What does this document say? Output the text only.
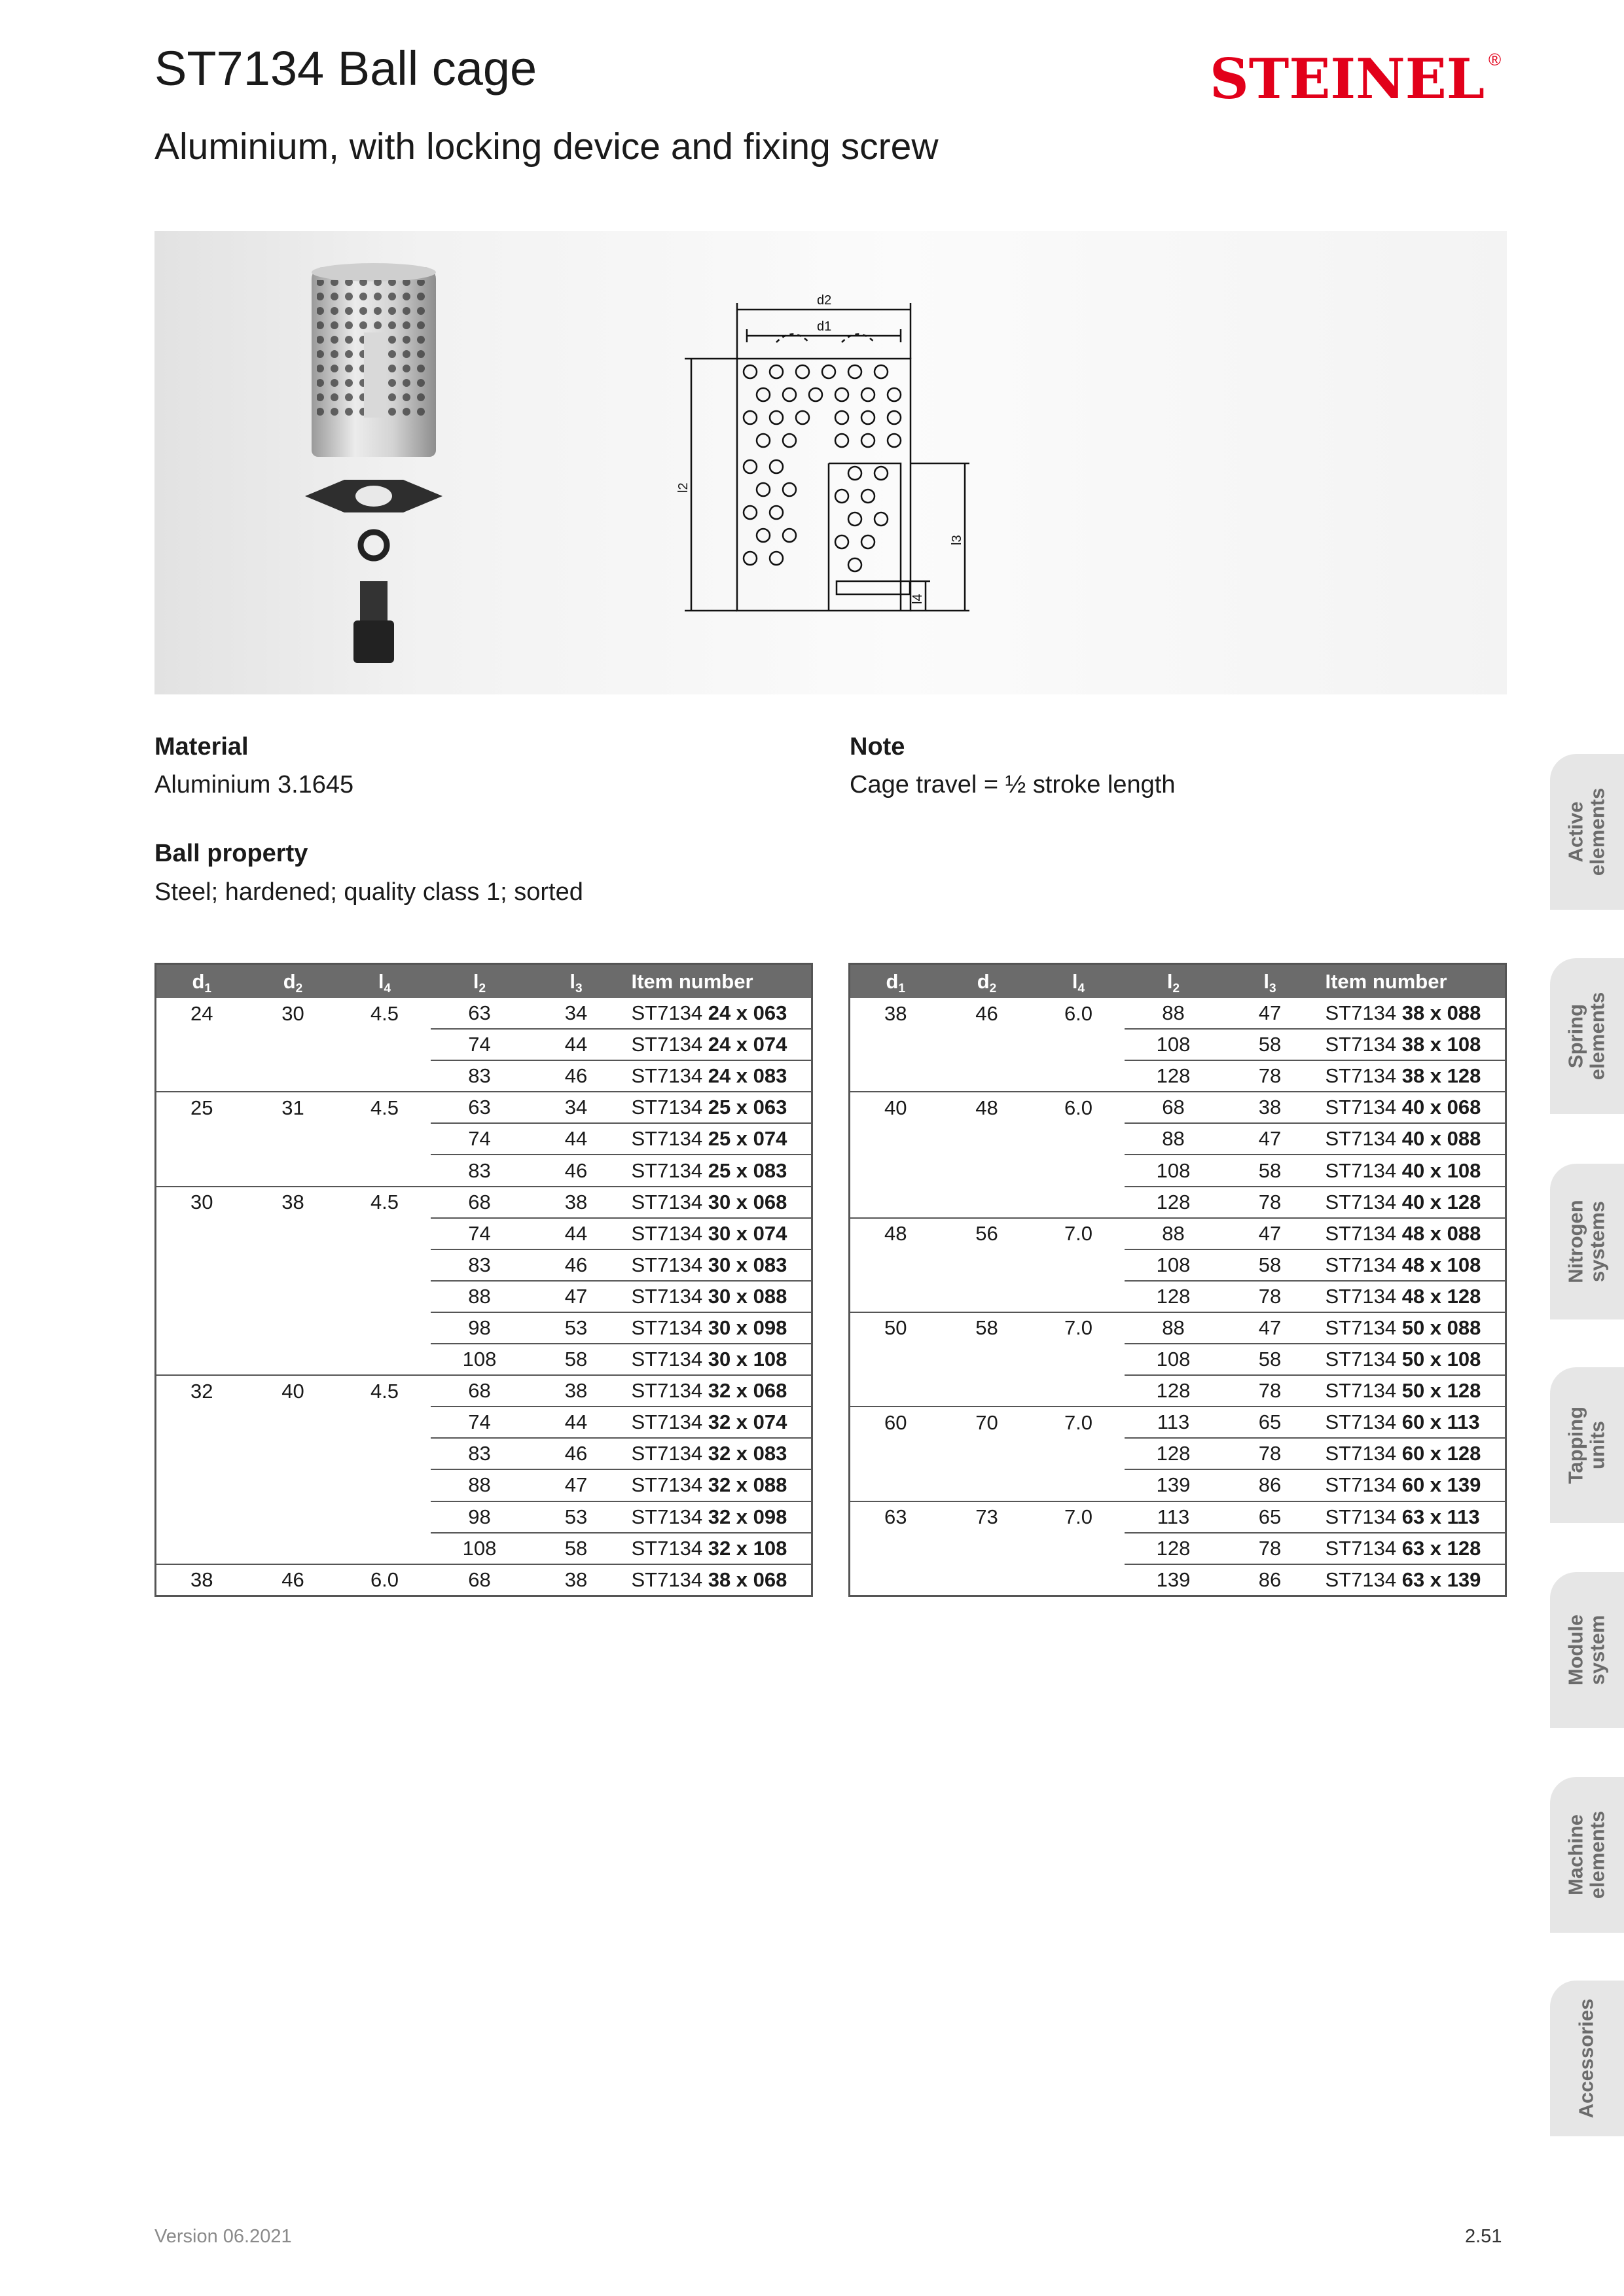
ST7134 Ball cage
Aluminium, with locking device and fixing screw
STEINEL ®
d2
d1
l2
l3
l4
Material
Aluminium 3.1645
Ball property
Steel; hardened; quality class 1; sorted
Note
Cage travel = ½ stroke length
d1	d2	l4	l2	l3	Item number
24	30	4.5	63	34	ST7134 24 x 063
			74	44	ST7134 24 x 074
			83	46	ST7134 24 x 083
25	31	4.5	63	34	ST7134 25 x 063
			74	44	ST7134 25 x 074
			83	46	ST7134 25 x 083
30	38	4.5	68	38	ST7134 30 x 068
			74	44	ST7134 30 x 074
			83	46	ST7134 30 x 083
			88	47	ST7134 30 x 088
			98	53	ST7134 30 x 098
			108	58	ST7134 30 x 108
32	40	4.5	68	38	ST7134 32 x 068
			74	44	ST7134 32 x 074
			83	46	ST7134 32 x 083
			88	47	ST7134 32 x 088
			98	53	ST7134 32 x 098
			108	58	ST7134 32 x 108
38	46	6.0	68	38	ST7134 38 x 068
d1	d2	l4	l2	l3	Item number
38	46	6.0	88	47	ST7134 38 x 088
			108	58	ST7134 38 x 108
			128	78	ST7134 38 x 128
40	48	6.0	68	38	ST7134 40 x 068
			88	47	ST7134 40 x 088
			108	58	ST7134 40 x 108
			128	78	ST7134 40 x 128
48	56	7.0	88	47	ST7134 48 x 088
			108	58	ST7134 48 x 108
			128	78	ST7134 48 x 128
50	58	7.0	88	47	ST7134 50 x 088
			108	58	ST7134 50 x 108
			128	78	ST7134 50 x 128
60	70	7.0	113	65	ST7134 60 x 113
			128	78	ST7134 60 x 128
			139	86	ST7134 60 x 139
63	73	7.0	113	65	ST7134 63 x 113
			128	78	ST7134 63 x 128
			139	86	ST7134 63 x 139
Active
elements
Spring
elements
Nitrogen
systems
Tapping
units
Module
system
Machine
elements
Accessories
Version 06.2021	2.51
